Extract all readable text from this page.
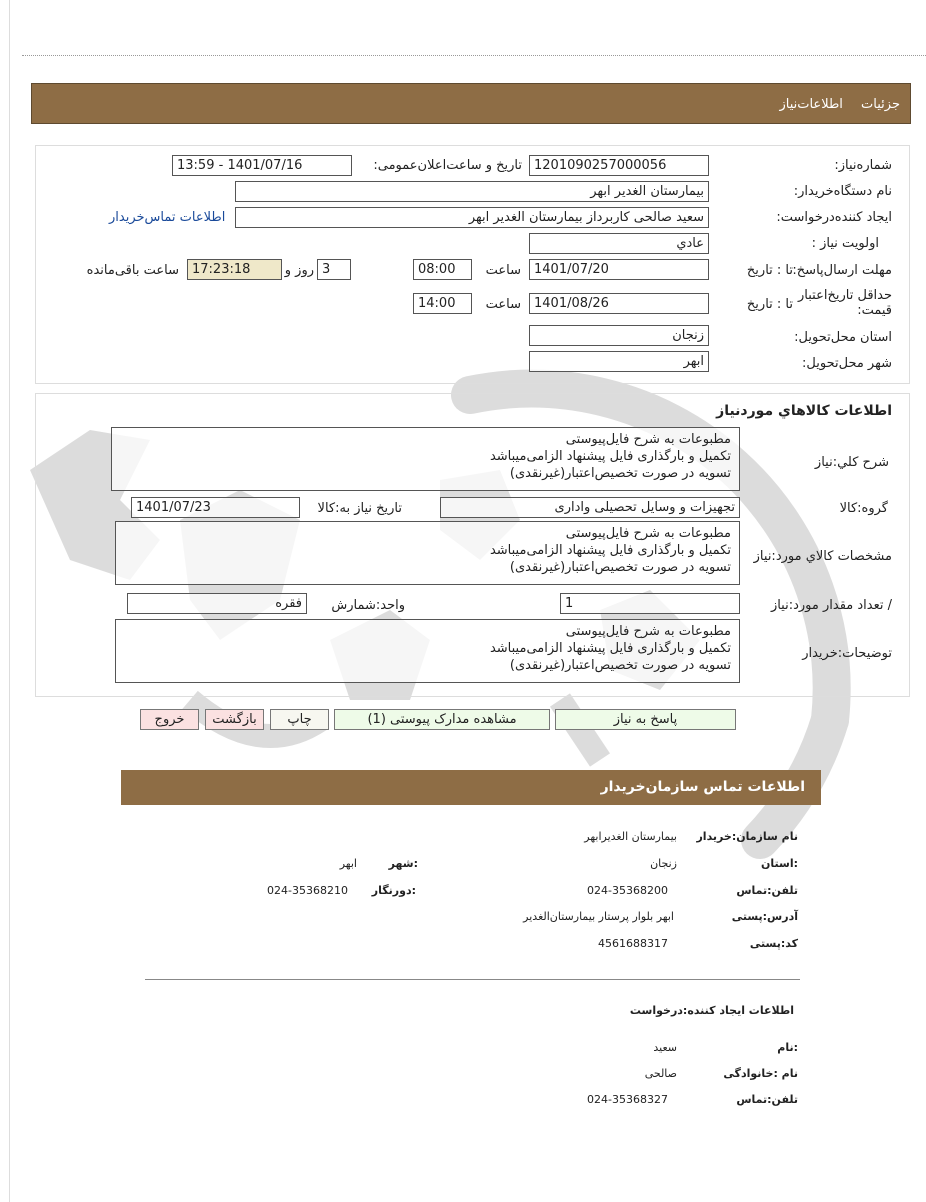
جزئیات اطلاعات‌نیاز
شماره‌نیاز:
1201090257000056
تاریخ و ساعت‌اعلان‌عمومی:
1401/07/16 - 13:59
نام دستگاه‌خریدار:
بیمارستان الغدیر ابهر
ایجاد کننده‌درخواست:
سعید صالحی کاربرداز بیمارستان الغدیر ابهر
اطلاعات تماس‌خریدار
اولویت نیاز :
عادي
مهلت ارسال‌پاسخ:
تا : تاریخ
1401/07/20
ساعت
08:00
3
روز و
17:23:18
ساعت باقی‌مانده
حداقل تاریخ‌اعتبار قیمت:
تا : تاریخ
1401/08/26
ساعت
14:00
استان محل‌تحویل:
زنجان
شهر محل‌تحویل:
ابهر
اطلاعات کالاهاي موردنیاز
شرح کلي:نیاز
مطبوعات به شرح فایل‌پیوستی
تکمیل و بارگذاری فایل پیشنهاد الزامی‌میباشد
تسویه در صورت تخصیص‌اعتبار(غیرنقدی)
گروه:کالا
تجهیزات و وسایل تحصیلی واداری
تاریخ نیاز به:کالا
1401/07/23
مشخصات کالاي مورد:نیاز
مطبوعات به شرح فایل‌پیوستی
تکمیل و بارگذاری فایل پیشنهاد الزامی‌میباشد
تسویه در صورت تخصیص‌اعتبار(غیرنقدی)
/ تعداد مقدار مورد:نیاز
1
واحد:شمارش
فقره
توضیحات:خریدار
مطبوعات به شرح فایل‌پیوستی
تکمیل و بارگذاری فایل پیشنهاد الزامی‌میباشد
تسویه در صورت تخصیص‌اعتبار(غیرنقدی)
پاسخ به نیاز
مشاهده مدارک پیوستی (1)
چاپ
بازگشت
خروج
اطلاعات تماس سازمان‌خریدار
نام سازمان:خریدار
بیمارستان الغدیرابهر
:استان
زنجان
:شهر
ابهر
تلفن:تماس
024-35368200
:دورنگار
024-35368210
آدرس:پستی
ابهر بلوار پرستار بیمارستان‌الغدیر
کد:پستی
4561688317
اطلاعات ایجاد کننده:درخواست
:نام
سعید
نام :خانوادگی
صالحی
تلفن:تماس
024-35368327
